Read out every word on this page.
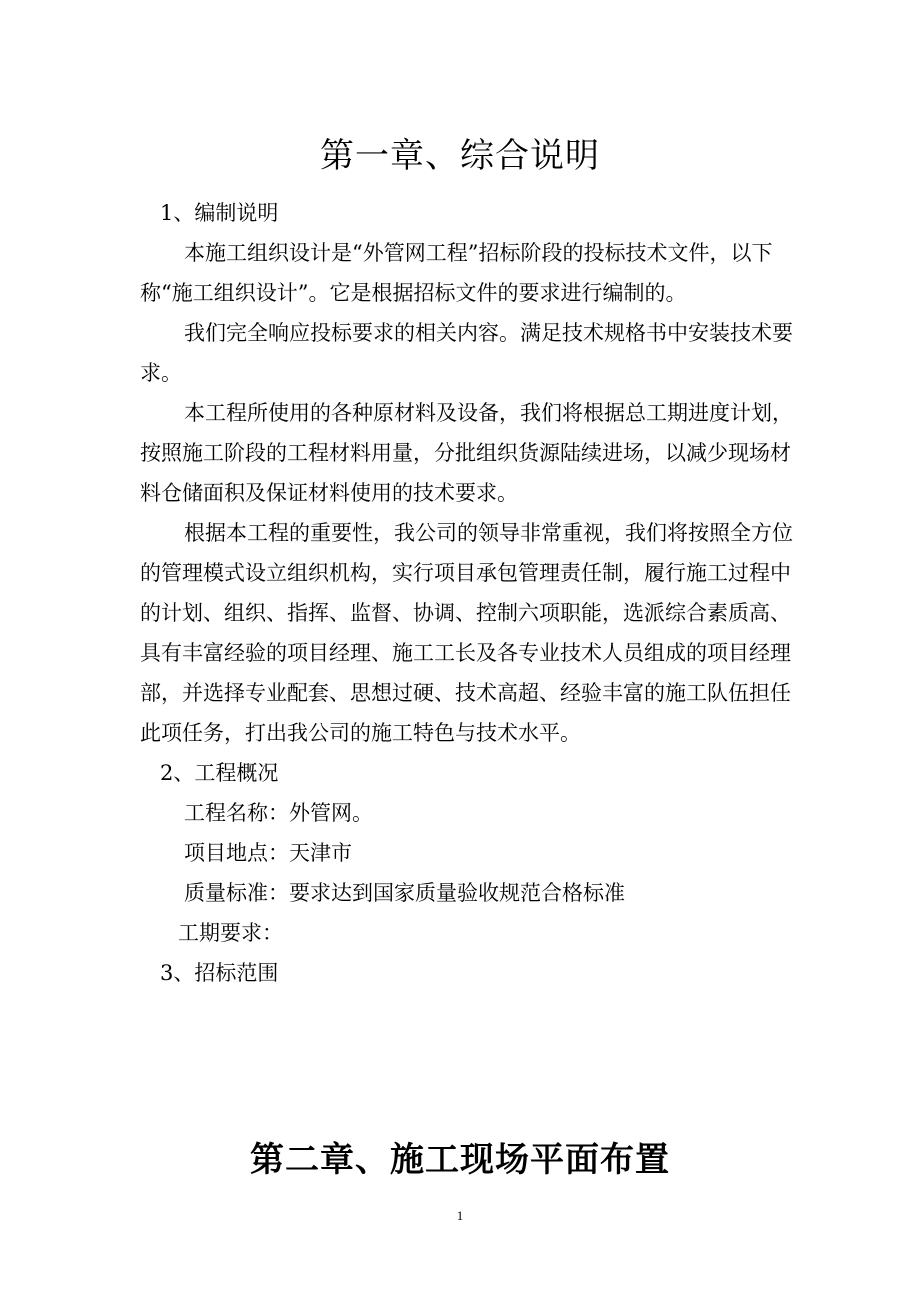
第一章、综合说明

1、编制说明

本施工组织设计是“外管网工程”招标阶段的投标技术文件，以下

称“施工组织设计”。它是根据招标文件的要求进行编制的。

我们完全响应投标要求的相关内容。满足技术规格书中安装技术要

求。

本工程所使用的各种原材料及设备，我们将根据总工期进度计划，

按照施工阶段的工程材料用量，分批组织货源陆续进场，以减少现场材

料仓储面积及保证材料使用的技术要求。

根据本工程的重要性，我公司的领导非常重视，我们将按照全方位

的管理模式设立组织机构，实行项目承包管理责任制，履行施工过程中

的计划、组织、指挥、监督、协调、控制六项职能，选派综合素质高、

具有丰富经验的项目经理、施工工长及各专业技术人员组成的项目经理

部，并选择专业配套、思想过硬、技术高超、经验丰富的施工队伍担任

此项任务，打出我公司的施工特色与技术水平。

2、工程概况

工程名称：外管网。

项目地点：天津市

质量标准：要求达到国家质量验收规范合格标准

工期要求：

3、招标范围

第二章、施工现场平面布置
1
